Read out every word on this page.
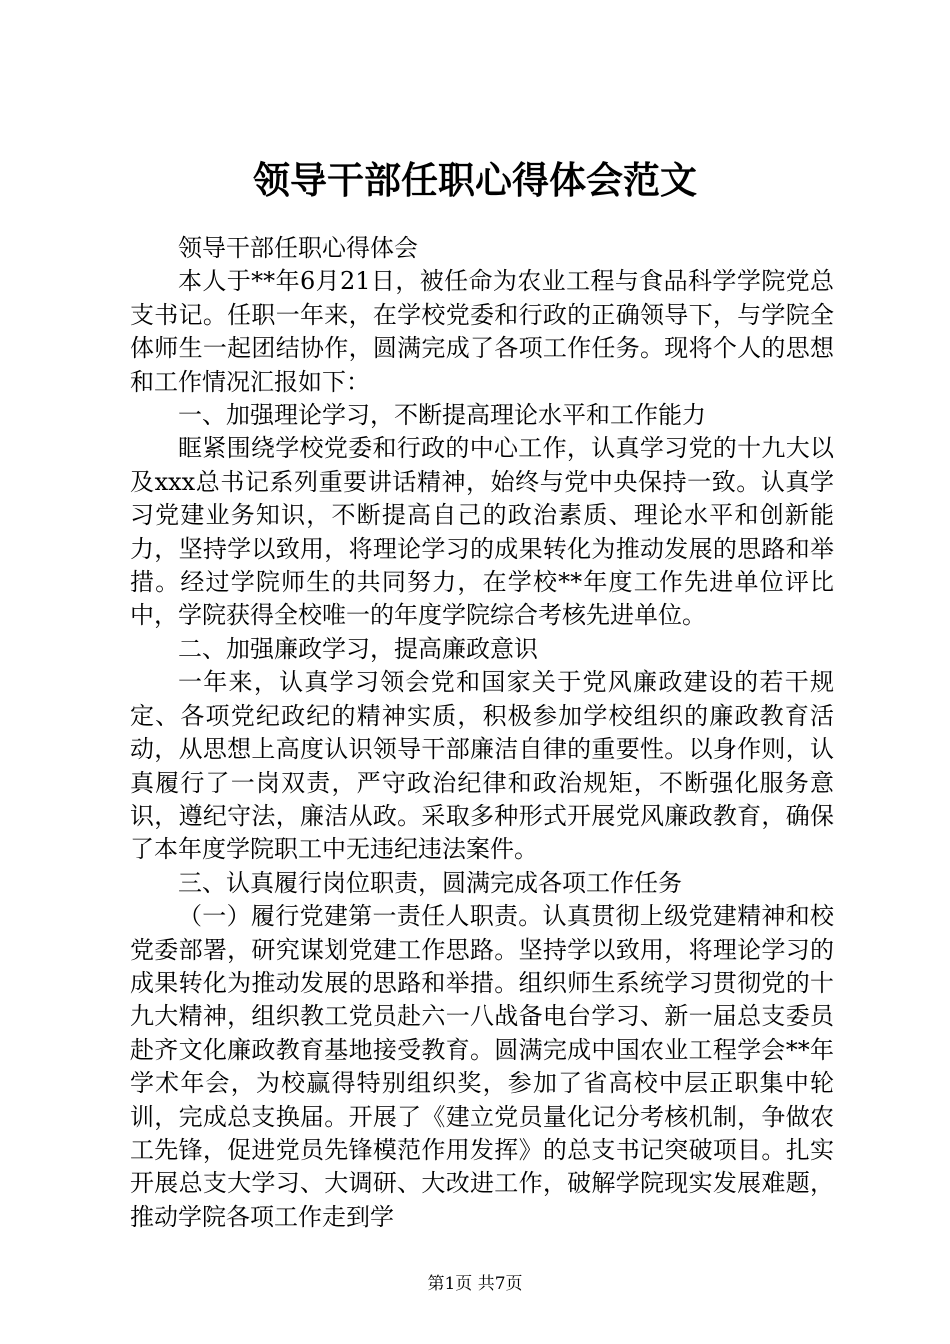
领导干部任职心得体会范文

领导干部任职心得体会

本人于**年6月21日，被任命为农业工程与食品科学学院党总支书记。任职一年来，在学校党委和行政的正确领导下，与学院全体师生一起团结协作，圆满完成了各项工作任务。现将个人的思想和工作情况汇报如下：

一、加强理论学习，不断提高理论水平和工作能力

眶紧围绕学校党委和行政的中心工作，认真学习党的十九大以及xxx总书记系列重要讲话精神，始终与党中央保持一致。认真学习党建业务知识，不断提高自己的政治素质、理论水平和创新能力，坚持学以致用，将理论学习的成果转化为推动发展的思路和举措。经过学院师生的共同努力，在学校**年度工作先进单位评比中，学院获得全校唯一的年度学院综合考核先进单位。

二、加强廉政学习，提高廉政意识

一年来，认真学习领会党和国家关于党风廉政建设的若干规定、各项党纪政纪的精神实质，积极参加学校组织的廉政教育活动，从思想上高度认识领导干部廉洁自律的重要性。以身作则，认真履行了一岗双责，严守政治纪律和政治规矩，不断强化服务意识，遵纪守法，廉洁从政。采取多种形式开展党风廉政教育，确保了本年度学院职工中无违纪违法案件。

三、认真履行岗位职责，圆满完成各项工作任务

（一）履行党建第一责任人职责。认真贯彻上级党建精神和校党委部署，研究谋划党建工作思路。坚持学以致用，将理论学习的成果转化为推动发展的思路和举措。组织师生系统学习贯彻党的十九大精神，组织教工党员赴六一八战备电台学习、新一届总支委员赴齐文化廉政教育基地接受教育。圆满完成中国农业工程学会**年学术年会，为校赢得特别组织奖，参加了省高校中层正职集中轮训，完成总支换届。开展了《建立党员量化记分考核机制，争做农工先锋，促进党员先锋模范作用发挥》的总支书记突破项目。扎实开展总支大学习、大调研、大改进工作，破解学院现实发展难题，推动学院各项工作走到学

第1页 共7页
